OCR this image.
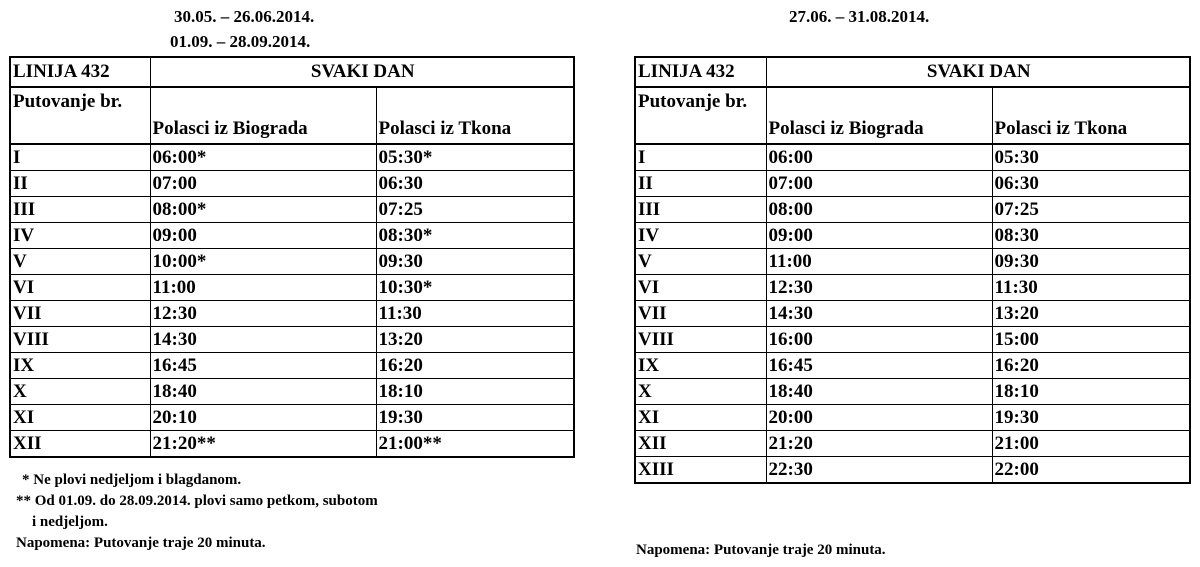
30.05. – 26.06.2014.
01.09. – 28.09.2014.
LINIJA 432	SVAKI DAN	
Putovanje br.	Polasci iz Biograda	Polasci iz Tkona
I	06:00*	05:30*
II	07:00	06:30
III	08:00*	07:25
IV	09:00	08:30*
V	10:00*	09:30
VI	11:00	10:30*
VII	12:30	11:30
VIII	14:30	13:20
IX	16:45	16:20
X	18:40	18:10
XI	20:10	19:30
XII	21:20**	21:00**
* Ne plovi nedjeljom i blagdanom.
** Od 01.09. do 28.09.2014. plovi samo petkom, subotom
i nedjeljom.
Napomena: Putovanje traje 20 minuta.
27.06. – 31.08.2014.
LINIJA 432	SVAKI DAN	
Putovanje br.	Polasci iz Biograda	Polasci iz Tkona
I	06:00	05:30
II	07:00	06:30
III	08:00	07:25
IV	09:00	08:30
V	11:00	09:30
VI	12:30	11:30
VII	14:30	13:20
VIII	16:00	15:00
IX	16:45	16:20
X	18:40	18:10
XI	20:00	19:30
XII	21:20	21:00
XIII	22:30	22:00
Napomena: Putovanje traje 20 minuta.
